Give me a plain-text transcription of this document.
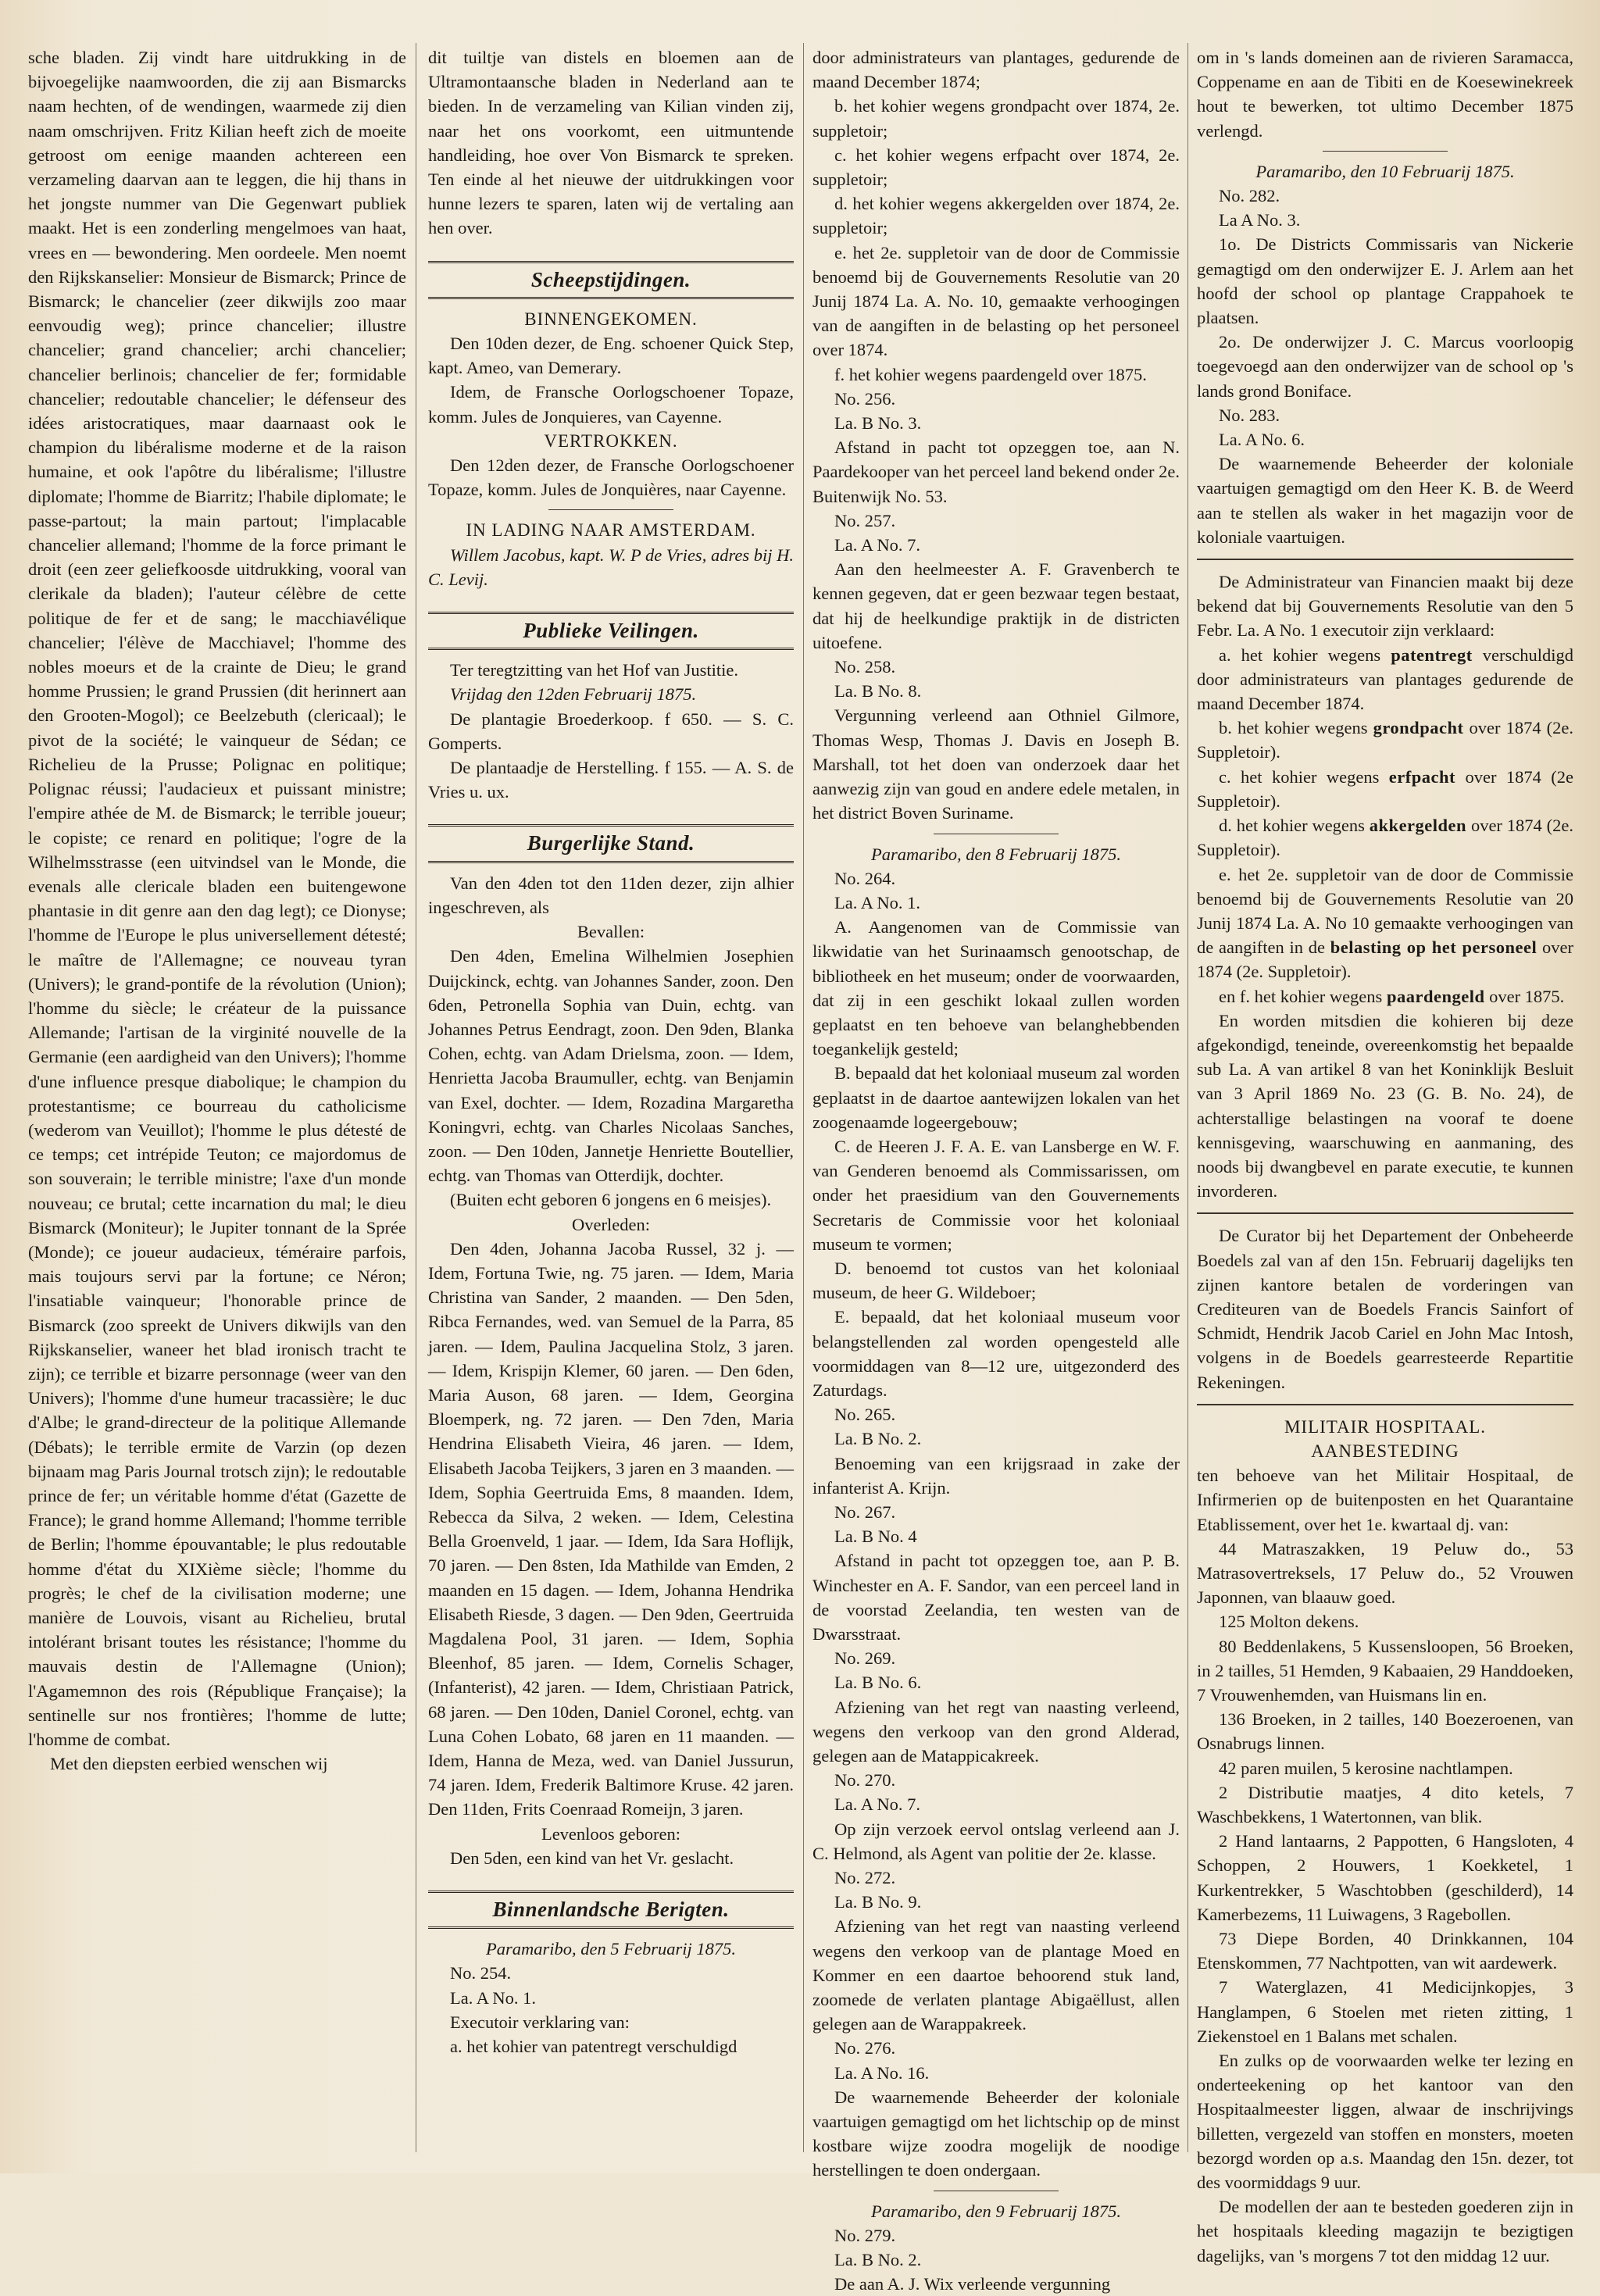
sche bladen. Zij vindt hare uitdrukking in de bijvoegelijke naamwoorden, die zij aan Bismarcks naam hechten, of de wendingen, waarmede zij dien naam omschrijven. Fritz Kilian heeft zich de moeite getroost om eenige maanden achtereen een verzameling daarvan aan te leggen, die hij thans in het jongste nummer van Die Gegenwart publiek maakt. Het is een zonderling mengelmoes van haat, vrees en — bewondering. Men oordeele. Men noemt den Rijkskanselier: Monsieur de Bismarck; Prince de Bismarck; le chancelier (zeer dikwijls zoo maar eenvoudig weg); prince chancelier; illustre chancelier; grand chancelier; archi chancelier; chancelier berlinois; chancelier de fer; formidable chancelier; redoutable chancelier; le défenseur des idées aristocratiques, maar daarnaast ook le champion du libéralisme moderne et de la raison humaine, et ook l'apôtre du libéralisme; l'illustre diplomate; l'homme de Biarritz; l'habile diplomate; le passe-partout; la main partout; l'implacable chancelier allemand; l'homme de la force primant le droit (een zeer geliefkoosde uitdrukking, vooral van clerikale da bladen); l'auteur célèbre de cette politique de fer et de sang; le macchiavélique chancelier; l'élève de Macchiavel; l'homme des nobles moeurs et de la crainte de Dieu; le grand homme Prussien; le grand Prussien (dit herinnert aan den Grooten-Mogol); ce Beelzebuth (clericaal); le pivot de la société; le vainqueur de Sédan; ce Richelieu de la Prusse; Polignac en politique; Polignac réussi; l'audacieux et puissant ministre; l'empire athée de M. de Bismarck; le terrible joueur; le copiste; ce renard en politique; l'ogre de la Wilhelmsstrasse (een uitvindsel van le Monde, die evenals alle clericale bladen een buitengewone phantasie in dit genre aan den dag legt); ce Dionyse; l'homme de l'Europe le plus universellement détesté; le maître de l'Allemagne; ce nouveau tyran (Univers); le grand-pontife de la révolution (Union); l'homme du siècle; le créateur de la puissance Allemande; l'artisan de la virginité nouvelle de la Germanie (een aardigheid van den Univers); l'homme d'une influence presque diabolique; le champion du protestantisme; ce bourreau du catholicisme (wederom van Veuillot); l'homme le plus détesté de ce temps; cet intrépide Teuton; ce majordomus de son souverain; le terrible ministre; l'axe d'un monde nouveau; ce brutal; cette incarnation du mal; le dieu Bismarck (Moniteur); le Jupiter tonnant de la Sprée (Monde); ce joueur audacieux, téméraire parfois, mais toujours servi par la fortune; ce Néron; l'insatiable vainqueur; l'honorable prince de Bismarck (zoo spreekt de Univers dikwijls van den Rijkskanselier, waneer het blad ironisch tracht te zijn); ce terrible et bizarre personnage (weer van den Univers); l'homme d'une humeur tracassière; le duc d'Albe; le grand-directeur de la politique Allemande (Débats); le terrible ermite de Varzin (op dezen bijnaam mag Paris Journal trotsch zijn); le redoutable prince de fer; un véritable homme d'état (Gazette de France); le grand homme Allemand; l'homme terrible de Berlin; l'homme épouvantable; le plus redoutable homme d'état du XIXième siècle; l'homme du progrès; le chef de la civilisation moderne; une manière de Louvois, visant au Richelieu, brutal intolérant brisant toutes les résistance; l'homme du mauvais destin de l'Allemagne (Union); l'Agamemnon des rois (République Française); la sentinelle sur nos frontières; l'homme de lutte; l'homme de combat.

Met den diepsten eerbied wenschen wij

dit tuiltje van distels en bloemen aan de Ultramontaansche bladen in Nederland aan te bieden. In de verzameling van Kilian vinden zij, naar het ons voorkomt, een uitmuntende handleiding, hoe over Von Bismarck te spreken. Ten einde al het nieuwe der uitdrukkingen voor hunne lezers te sparen, laten wij de vertaling aan hen over.

Scheepstijdingen.

BINNENGEKOMEN.

Den 10den dezer, de Eng. schoener Quick Step, kapt. Ameo, van Demerary.

Idem, de Fransche Oorlogschoener Topaze, komm. Jules de Jonquieres, van Cayenne.

VERTROKKEN.

Den 12den dezer, de Fransche Oorlogschoener Topaze, komm. Jules de Jonquières, naar Cayenne.

IN LADING NAAR AMSTERDAM.

Willem Jacobus, kapt. W. P de Vries, adres bij H. C. Levij.

Publieke Veilingen.

Ter teregtzitting van het Hof van Justitie.

Vrijdag den 12den Februarij 1875.

De plantagie Broederkoop. f 650. — S. C. Gomperts.

De plantaadje de Herstelling. f 155. — A. S. de Vries u. ux.

Burgerlijke Stand.

Van den 4den tot den 11den dezer, zijn alhier ingeschreven, als

Bevallen:

Den 4den, Emelina Wilhelmien Josephien Duijckinck, echtg. van Johannes Sander, zoon. Den 6den, Petronella Sophia van Duin, echtg. van Johannes Petrus Eendragt, zoon. Den 9den, Blanka Cohen, echtg. van Adam Drielsma, zoon. — Idem, Henrietta Jacoba Braumuller, echtg. van Benjamin van Exel, dochter. — Idem, Rozadina Margaretha Koningvri, echtg. van Charles Nicolaas Sanches, zoon. — Den 10den, Jannetje Henriette Boutellier, echtg. van Thomas van Otterdijk, dochter.

(Buiten echt geboren 6 jongens en 6 meisjes).

Overleden:

Den 4den, Johanna Jacoba Russel, 32 j. — Idem, Fortuna Twie, ng. 75 jaren. — Idem, Maria Christina van Sander, 2 maanden. — Den 5den, Ribca Fernandes, wed. van Semuel de la Parra, 85 jaren. — Idem, Paulina Jacquelina Stolz, 3 jaren. — Idem, Krispijn Klemer, 60 jaren. — Den 6den, Maria Auson, 68 jaren. — Idem, Georgina Bloemperk, ng. 72 jaren. — Den 7den, Maria Hendrina Elisabeth Vieira, 46 jaren. — Idem, Elisabeth Jacoba Teijkers, 3 jaren en 3 maanden. — Idem, Sophia Geertruida Ems, 8 maanden. Idem, Rebecca da Silva, 2 weken. — Idem, Celestina Bella Groenveld, 1 jaar. — Idem, Ida Sara Hoflijk, 70 jaren. — Den 8sten, Ida Mathilde van Emden, 2 maanden en 15 dagen. — Idem, Johanna Hendrika Elisabeth Riesde, 3 dagen. — Den 9den, Geertruida Magdalena Pool, 31 jaren. — Idem, Sophia Bleenhof, 85 jaren. — Idem, Cornelis Schager, (Infanterist), 42 jaren. — Idem, Christiaan Patrick, 68 jaren. — Den 10den, Daniel Coronel, echtg. van Luna Cohen Lobato, 68 jaren en 11 maanden. — Idem, Hanna de Meza, wed. van Daniel Jussurun, 74 jaren. Idem, Frederik Baltimore Kruse. 42 jaren. Den 11den, Frits Coenraad Romeijn, 3 jaren.

Levenloos geboren:

Den 5den, een kind van het Vr. geslacht.

Binnenlandsche Berigten.

Paramaribo, den 5 Februarij 1875.

No. 254.

La. A No. 1.

Executoir verklaring van:

a. het kohier van patentregt verschuldigd

door administrateurs van plantages, gedurende de maand December 1874;

b. het kohier wegens grondpacht over 1874, 2e. suppletoir;

c. het kohier wegens erfpacht over 1874, 2e. suppletoir;

d. het kohier wegens akkergelden over 1874, 2e. suppletoir;

e. het 2e. suppletoir van de door de Commissie benoemd bij de Gouvernements Resolutie van 20 Junij 1874 La. A. No. 10, gemaakte verhoogingen van de aangiften in de belasting op het personeel over 1874.

f. het kohier wegens paardengeld over 1875.

No. 256.

La. B No. 3.

Afstand in pacht tot opzeggen toe, aan N. Paardekooper van het perceel land bekend onder 2e. Buitenwijk No. 53.

No. 257.

La. A No. 7.

Aan den heelmeester A. F. Gravenberch te kennen gegeven, dat er geen bezwaar tegen bestaat, dat hij de heelkundige praktijk in de districten uitoefene.

No. 258.

La. B No. 8.

Vergunning verleend aan Othniel Gilmore, Thomas Wesp, Thomas J. Davis en Joseph B. Marshall, tot het doen van onderzoek daar het aanwezig zijn van goud en andere edele metalen, in het district Boven Suriname.

Paramaribo, den 8 Februarij 1875.

No. 264.

La. A No. 1.

A. Aangenomen van de Commissie van likwidatie van het Surinaamsch genootschap, de bibliotheek en het museum; onder de voorwaarden, dat zij in een geschikt lokaal zullen worden geplaatst en ten behoeve van belanghebbenden toegankelijk gesteld;

B. bepaald dat het koloniaal museum zal worden geplaatst in de daartoe aantewijzen lokalen van het zoogenaamde logeergebouw;

C. de Heeren J. F. A. E. van Lansberge en W. F. van Genderen benoemd als Commissarissen, om onder het praesidium van den Gouvernements Secretaris de Commissie voor het koloniaal museum te vormen;

D. benoemd tot custos van het koloniaal museum, de heer G. Wildeboer;

E. bepaald, dat het koloniaal museum voor belangstellenden zal worden opengesteld alle voormiddagen van 8—12 ure, uitgezonderd des Zaturdags.

No. 265.

La. B No. 2.

Benoeming van een krijgsraad in zake der infanterist A. Krijn.

No. 267.

La. B No. 4

Afstand in pacht tot opzeggen toe, aan P. B. Winchester en A. F. Sandor, van een perceel land in de voorstad Zeelandia, ten westen van de Dwarsstraat.

No. 269.

La. B No. 6.

Afziening van het regt van naasting verleend, wegens den verkoop van den grond Alderad, gelegen aan de Matappicakreek.

No. 270.

La. A No. 7.

Op zijn verzoek eervol ontslag verleend aan J. C. Helmond, als Agent van politie der 2e. klasse.

No. 272.

La. B No. 9.

Afziening van het regt van naasting verleend wegens den verkoop van de plantage Moed en Kommer en een daartoe behoorend stuk land, zoomede de verlaten plantage Abigaëllust, allen gelegen aan de Warappakreek.

No. 276.

La. A No. 16.

De waarnemende Beheerder der koloniale vaartuigen gemagtigd om het lichtschip op de minst kostbare wijze zoodra mogelijk de noodige herstellingen te doen ondergaan.

Paramaribo, den 9 Februarij 1875.

No. 279.

La. B No. 2.

De aan A. J. Wix verleende vergunning

om in 's lands domeinen aan de rivieren Saramacca, Coppename en aan de Tibiti en de Koesewinekreek hout te bewerken, tot ultimo December 1875 verlengd.

Paramaribo, den 10 Februarij 1875.

No. 282.

La A No. 3.

1o. De Districts Commissaris van Nickerie gemagtigd om den onderwijzer E. J. Arlem aan het hoofd der school op plantage Crappahoek te plaatsen.

2o. De onderwijzer J. C. Marcus voorloopig toegevoegd aan den onderwijzer van de school op 's lands grond Boniface.

No. 283.

La. A No. 6.

De waarnemende Beheerder der koloniale vaartuigen gemagtigd om den Heer K. B. de Weerd aan te stellen als waker in het magazijn voor de koloniale vaartuigen.

De Administrateur van Financien maakt bij deze bekend dat bij Gouvernements Resolutie van den 5 Febr. La. A No. 1 executoir zijn verklaard:

a. het kohier wegens patentregt verschuldigd door administrateurs van plantages gedurende de maand December 1874.

b. het kohier wegens grondpacht over 1874 (2e. Suppletoir).

c. het kohier wegens erfpacht over 1874 (2e Suppletoir).

d. het kohier wegens akkergelden over 1874 (2e. Suppletoir).

e. het 2e. suppletoir van de door de Commissie benoemd bij de Gouvernements Resolutie van 20 Junij 1874 La. A. No 10 gemaakte verhoogingen van de aangiften in de belasting op het personeel over 1874 (2e. Suppletoir).

en f. het kohier wegens paardengeld over 1875.

En worden mitsdien die kohieren bij deze afgekondigd, teneinde, overeenkomstig het bepaalde sub La. A van artikel 8 van het Koninklijk Besluit van 3 April 1869 No. 23 (G. B. No. 24), de achterstallige belastingen na vooraf te doene kennisgeving, waarschuwing en aanmaning, des noods bij dwangbevel en parate executie, te kunnen invorderen.

De Curator bij het Departement der Onbeheerde Boedels zal van af den 15n. Februarij dagelijks ten zijnen kantore betalen de vorderingen van Crediteuren van de Boedels Francis Sainfort of Schmidt, Hendrik Jacob Cariel en John Mac Intosh, volgens in de Boedels gearresteerde Repartitie Rekeningen.

MILITAIR HOSPITAAL.

AANBESTEDING

ten behoeve van het Militair Hospitaal, de Infirmerien op de buitenposten en het Quarantaine Etablissement, over het 1e. kwartaal dj. van:

44 Matraszakken, 19 Peluw do., 53 Matrasovertreksels, 17 Peluw do., 52 Vrouwen Japonnen, van blaauw goed.

125 Molton dekens.

80 Beddenlakens, 5 Kussensloopen, 56 Broeken, in 2 tailles, 51 Hemden, 9 Kabaaien, 29 Handdoeken, 7 Vrouwenhemden, van Huismans lin en.

136 Broeken, in 2 tailles, 140 Boezeroenen, van Osnabrugs linnen.

42 paren muilen, 5 kerosine nachtlampen.

2 Distributie maatjes, 4 dito ketels, 7 Waschbekkens, 1 Watertonnen, van blik.

2 Hand lantaarns, 2 Pappotten, 6 Hangsloten, 4 Schoppen, 2 Houwers, 1 Koekketel, 1 Kurkentrekker, 5 Waschtobben (geschilderd), 14 Kamerbezems, 11 Luiwagens, 3 Ragebollen.

73 Diepe Borden, 40 Drinkkannen, 104 Etenskommen, 77 Nachtpotten, van wit aardewerk.

7 Waterglazen, 41 Medicijnkopjes, 3 Hanglampen, 6 Stoelen met rieten zitting, 1 Ziekenstoel en 1 Balans met schalen.

En zulks op de voorwaarden welke ter lezing en onderteekening op het kantoor van den Hospitaalmeester liggen, alwaar de inschrijvings billetten, vergezeld van stoffen en monsters, moeten bezorgd worden op a.s. Maandag den 15n. dezer, tot des voormiddags 9 uur.

De modellen der aan te besteden goederen zijn in het hospitaals kleeding magazijn te bezigtigen dagelijks, van 's morgens 7 tot den middag 12 uur.
